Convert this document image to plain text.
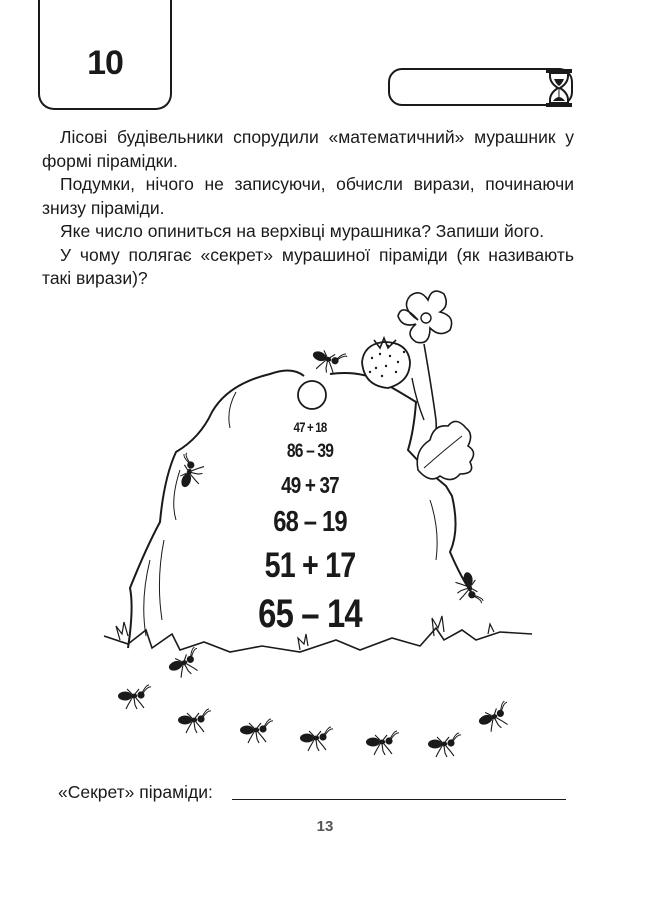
10

Лісові будівельники спорудили «математичний» мурашник у формі пірамідки.

Подумки, нічого не записуючи, обчисли вирази, починаючи знизу піраміди.

Яке число опиниться на верхівці мурашника? Запиши його.

У чому полягає «секрет» мурашиної піраміди (як називають такі вирази)?

47 + 18
86 – 39
49 + 37
68 – 19
51 + 17
65 – 14
«Секрет» піраміди:
13
